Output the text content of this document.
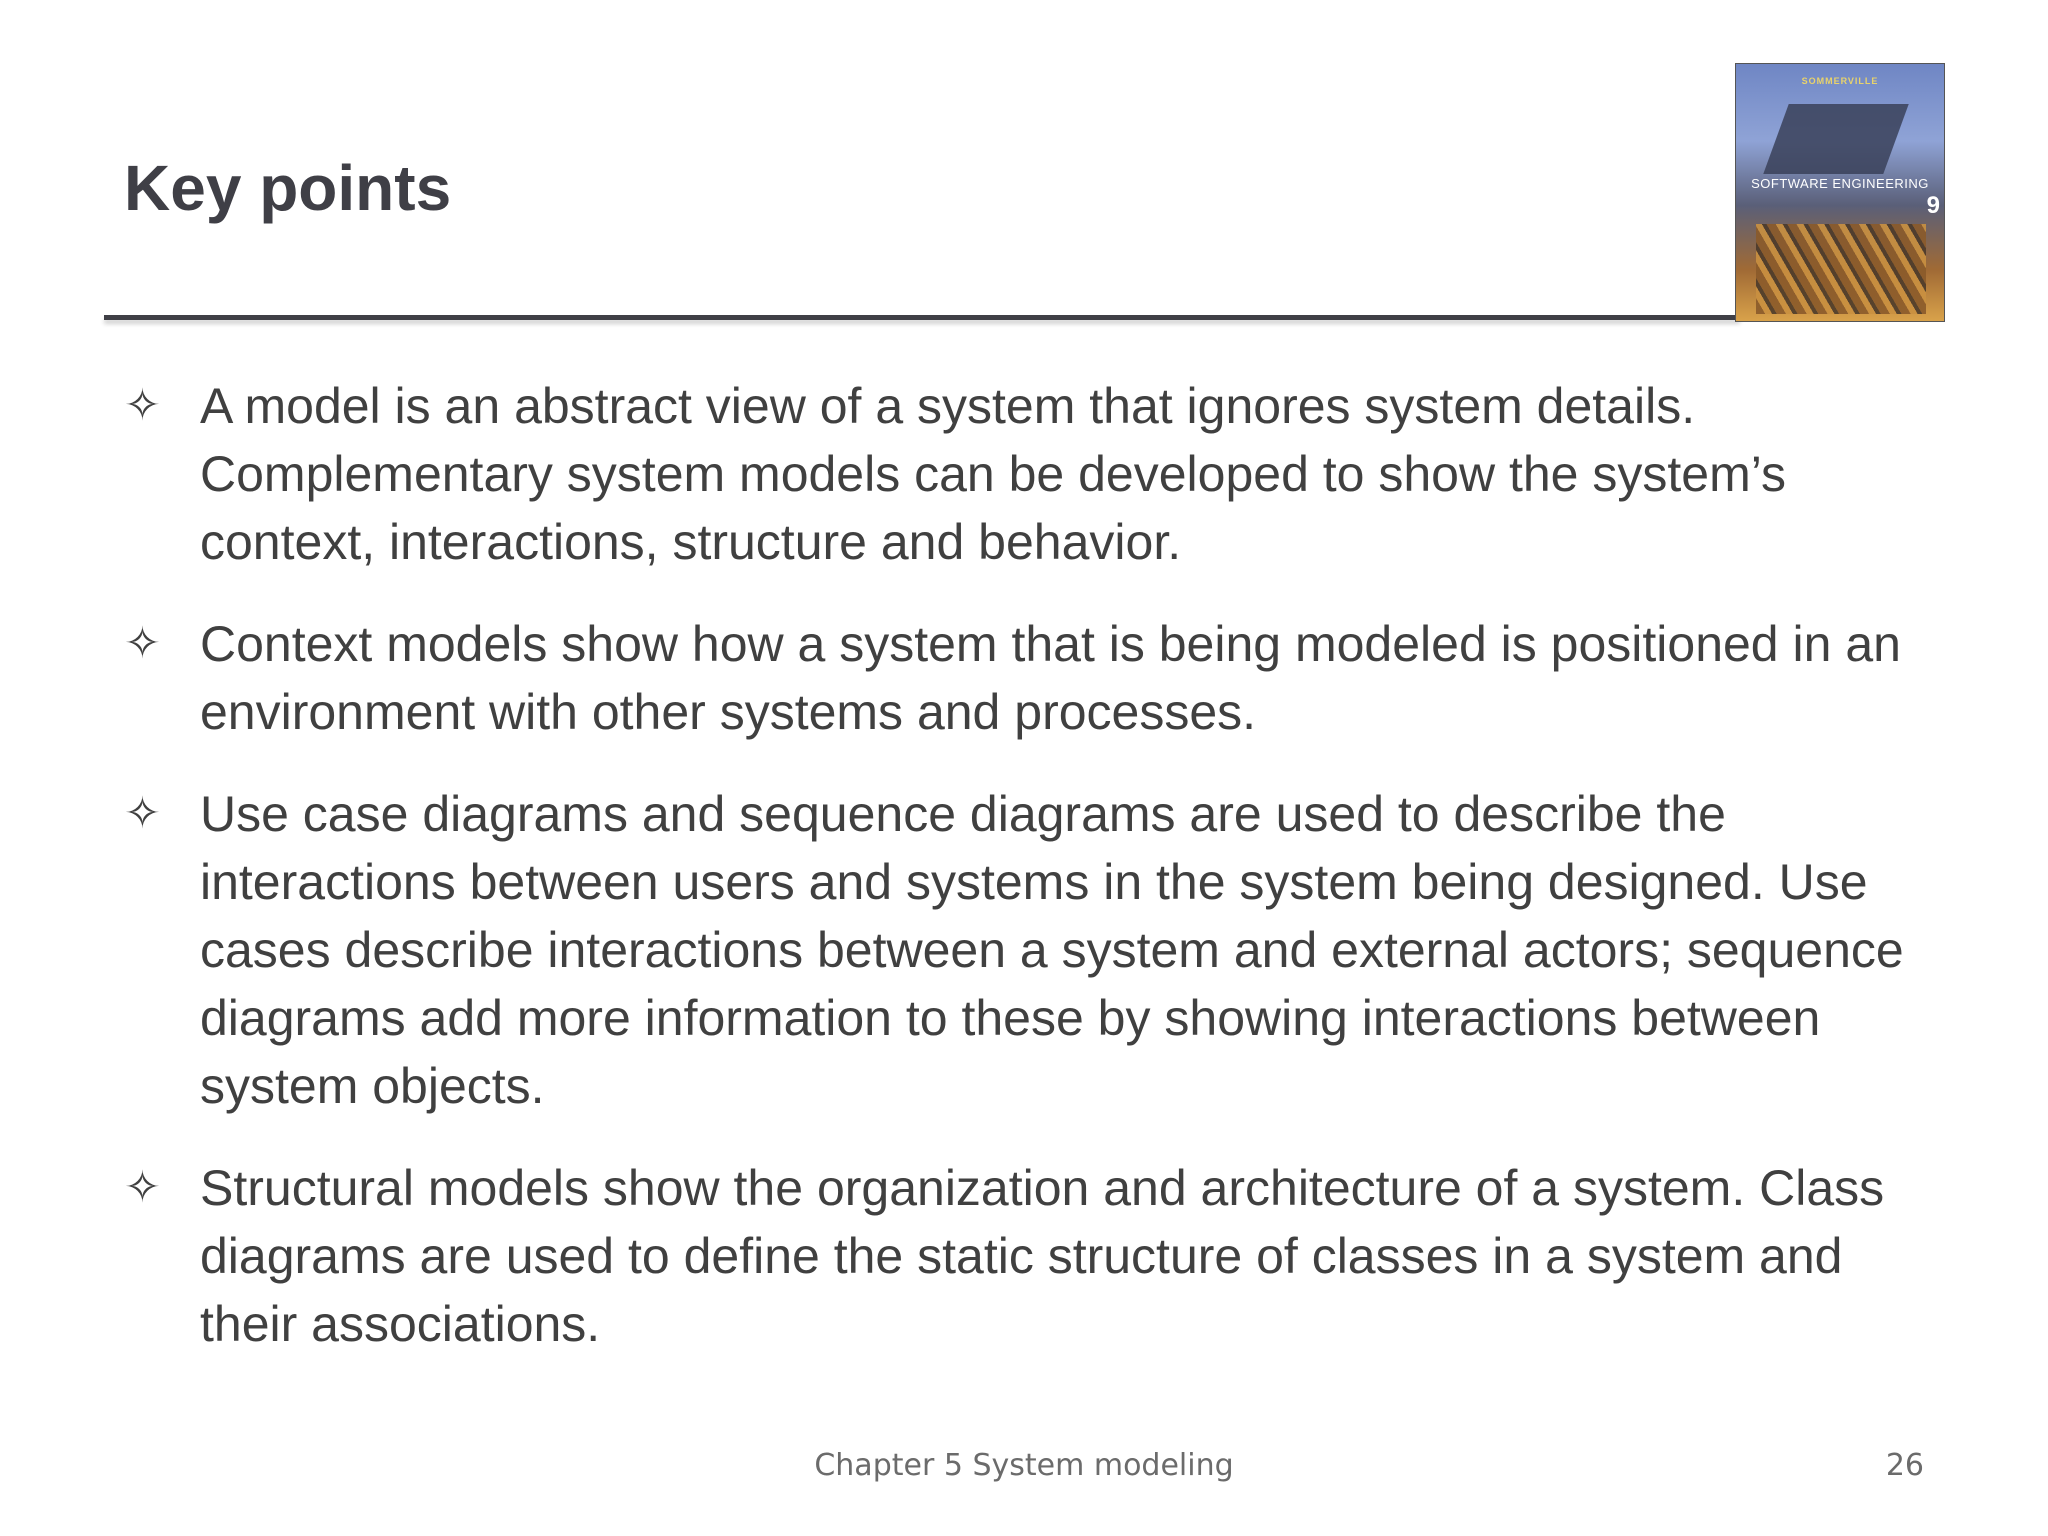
Key points
SOMMERVILLE
SOFTWARE ENGINEERING
9
✧ A model is an abstract view of a system that ignores system details. Complementary system models can be developed to show the system’s context, interactions, structure and behavior.
✧ Context models show how a system that is being modeled is positioned in an environment with other systems and processes.
✧ Use case diagrams and sequence diagrams are used to describe the interactions between users and systems in the system being designed. Use cases describe interactions between a system and external actors; sequence diagrams add more information to these by showing interactions between system objects.
✧ Structural models show the organization and architecture of a system. Class diagrams are used to define the static structure of classes in a system and their associations.
Chapter 5 System modeling	26
